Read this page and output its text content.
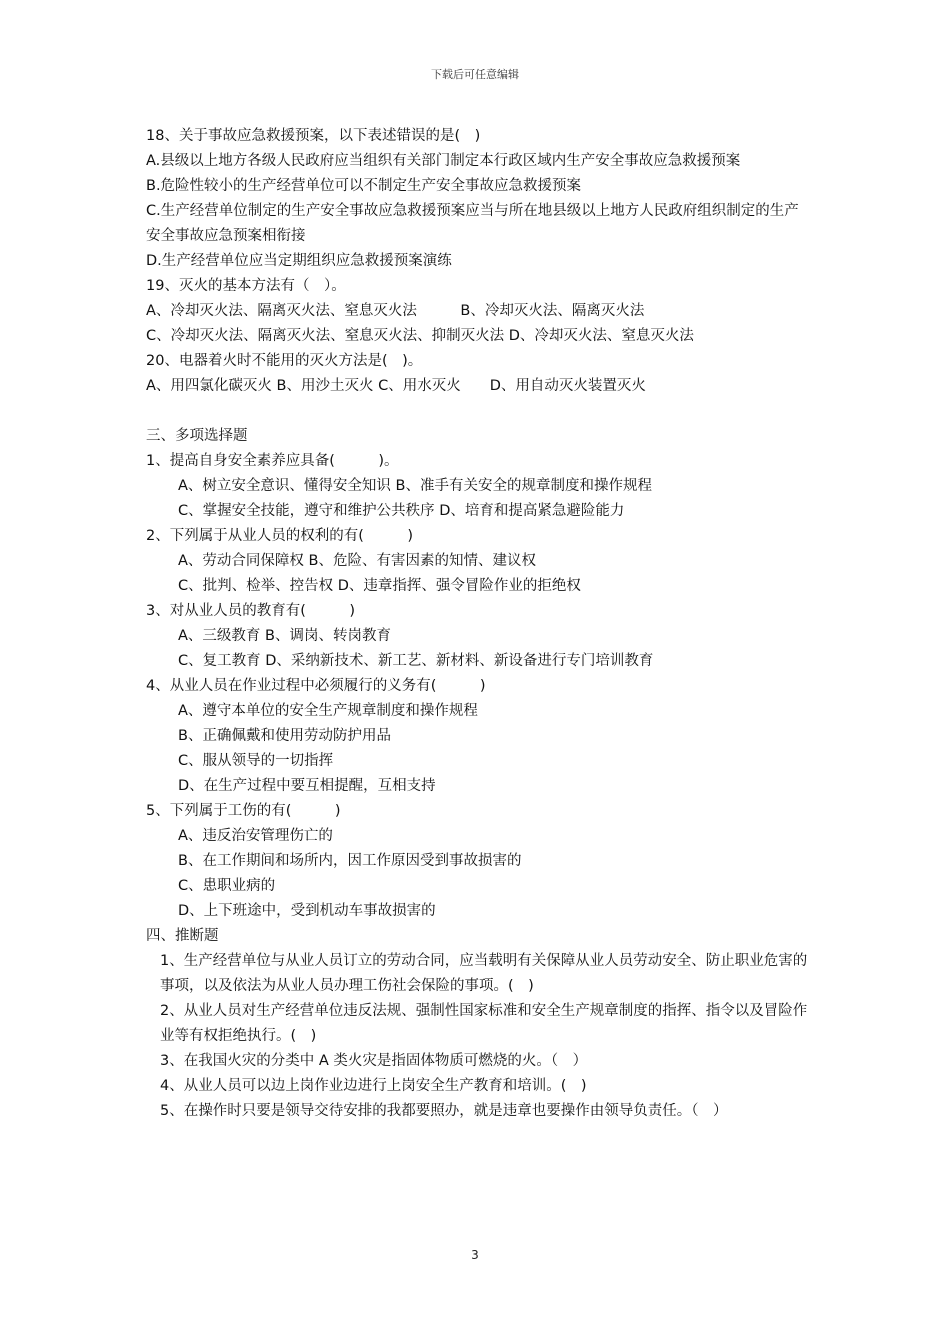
下载后可任意编辑
18、关于事故应急救援预案，以下表述错误的是(　)
A.县级以上地方各级人民政府应当组织有关部门制定本行政区域内生产安全事故应急救援预案
B.危险性较小的生产经营单位可以不制定生产安全事故应急救援预案
C.生产经营单位制定的生产安全事故应急救援预案应当与所在地县级以上地方人民政府组织制定的生产安全事故应急预案相衔接
D.生产经营单位应当定期组织应急救援预案演练
19、灭火的基本方法有（　）。
A、冷却灭火法、隔离灭火法、窒息灭火法　　　B、冷却灭火法、隔离灭火法
C、冷却灭火法、隔离灭火法、窒息灭火法、抑制灭火法 D、冷却灭火法、窒息灭火法
20、电器着火时不能用的灭火方法是(　)。
A、用四氯化碳灭火 B、用沙土灭火 C、用水灭火　　D、用自动灭火装置灭火
三、多项选择题
1、提高自身安全素养应具备(　　　)。
A、树立安全意识、懂得安全知识 B、准手有关安全的规章制度和操作规程
C、掌握安全技能，遵守和维护公共秩序 D、培育和提高紧急避险能力
2、下列属于从业人员的权利的有(　　　)
A、劳动合同保障权 B、危险、有害因素的知情、建议权
C、批判、检举、控告权 D、违章指挥、强令冒险作业的拒绝权
3、对从业人员的教育有(　　　)
A、三级教育 B、调岗、转岗教育
C、复工教育 D、采纳新技术、新工艺、新材料、新设备进行专门培训教育
4、从业人员在作业过程中必须履行的义务有(　　　)
A、遵守本单位的安全生产规章制度和操作规程
B、正确佩戴和使用劳动防护用品
C、服从领导的一切指挥
D、在生产过程中要互相提醒，互相支持
5、下列属于工伤的有(　　　)
A、违反治安管理伤亡的
B、在工作期间和场所内，因工作原因受到事故损害的
C、患职业病的
D、上下班途中，受到机动车事故损害的
四、推断题
1、生产经营单位与从业人员订立的劳动合同，应当载明有关保障从业人员劳动安全、防止职业危害的事项，以及依法为从业人员办理工伤社会保险的事项。(　)
2、从业人员对生产经营单位违反法规、强制性国家标准和安全生产规章制度的指挥、指令以及冒险作业等有权拒绝执行。(　)
3、在我国火灾的分类中 A 类火灾是指固体物质可燃烧的火。（　）
4、从业人员可以边上岗作业边进行上岗安全生产教育和培训。(　)
5、在操作时只要是领导交待安排的我都要照办，就是违章也要操作由领导负责任。（　）
3
